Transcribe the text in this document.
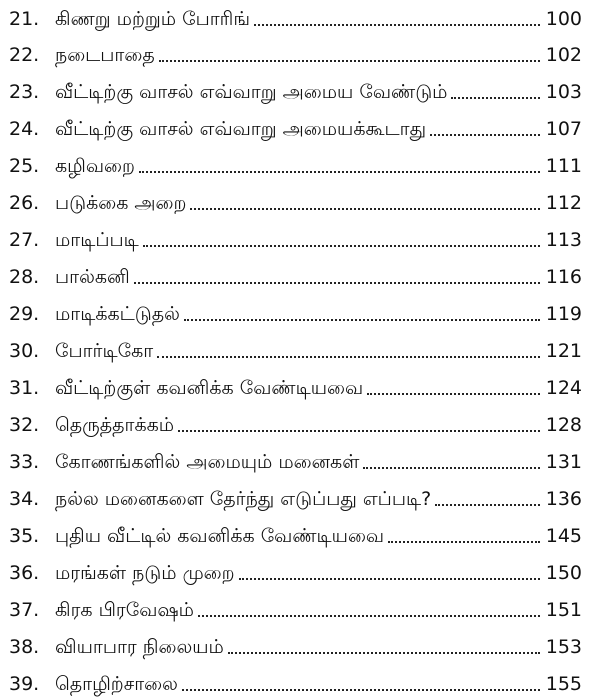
21. கிணறு மற்றும் போரிங்	100
22. நடைபாதை	102
23. வீட்டிற்கு வாசல் எவ்வாறு அமைய வேண்டும்	103
24. வீட்டிற்கு வாசல் எவ்வாறு அமையக்கூடாது	107
25. கழிவறை	111
26. படுக்கை அறை	112
27. மாடிப்படி	113
28. பால்கனி	116
29. மாடிக்கட்டுதல்	119
30. போர்டிகோ	121
31. வீட்டிற்குள் கவனிக்க வேண்டியவை	124
32. தெருத்தாக்கம்	128
33. கோணங்களில் அமையும் மனைகள்	131
34. நல்ல மனைகளை தேர்ந்து எடுப்பது எப்படி?	136
35. புதிய வீட்டில் கவனிக்க வேண்டியவை	145
36. மரங்கள் நடும் முறை	150
37. கிரக பிரவேஷம்	151
38. வியாபார நிலையம்	153
39. தொழிற்சாலை	155
